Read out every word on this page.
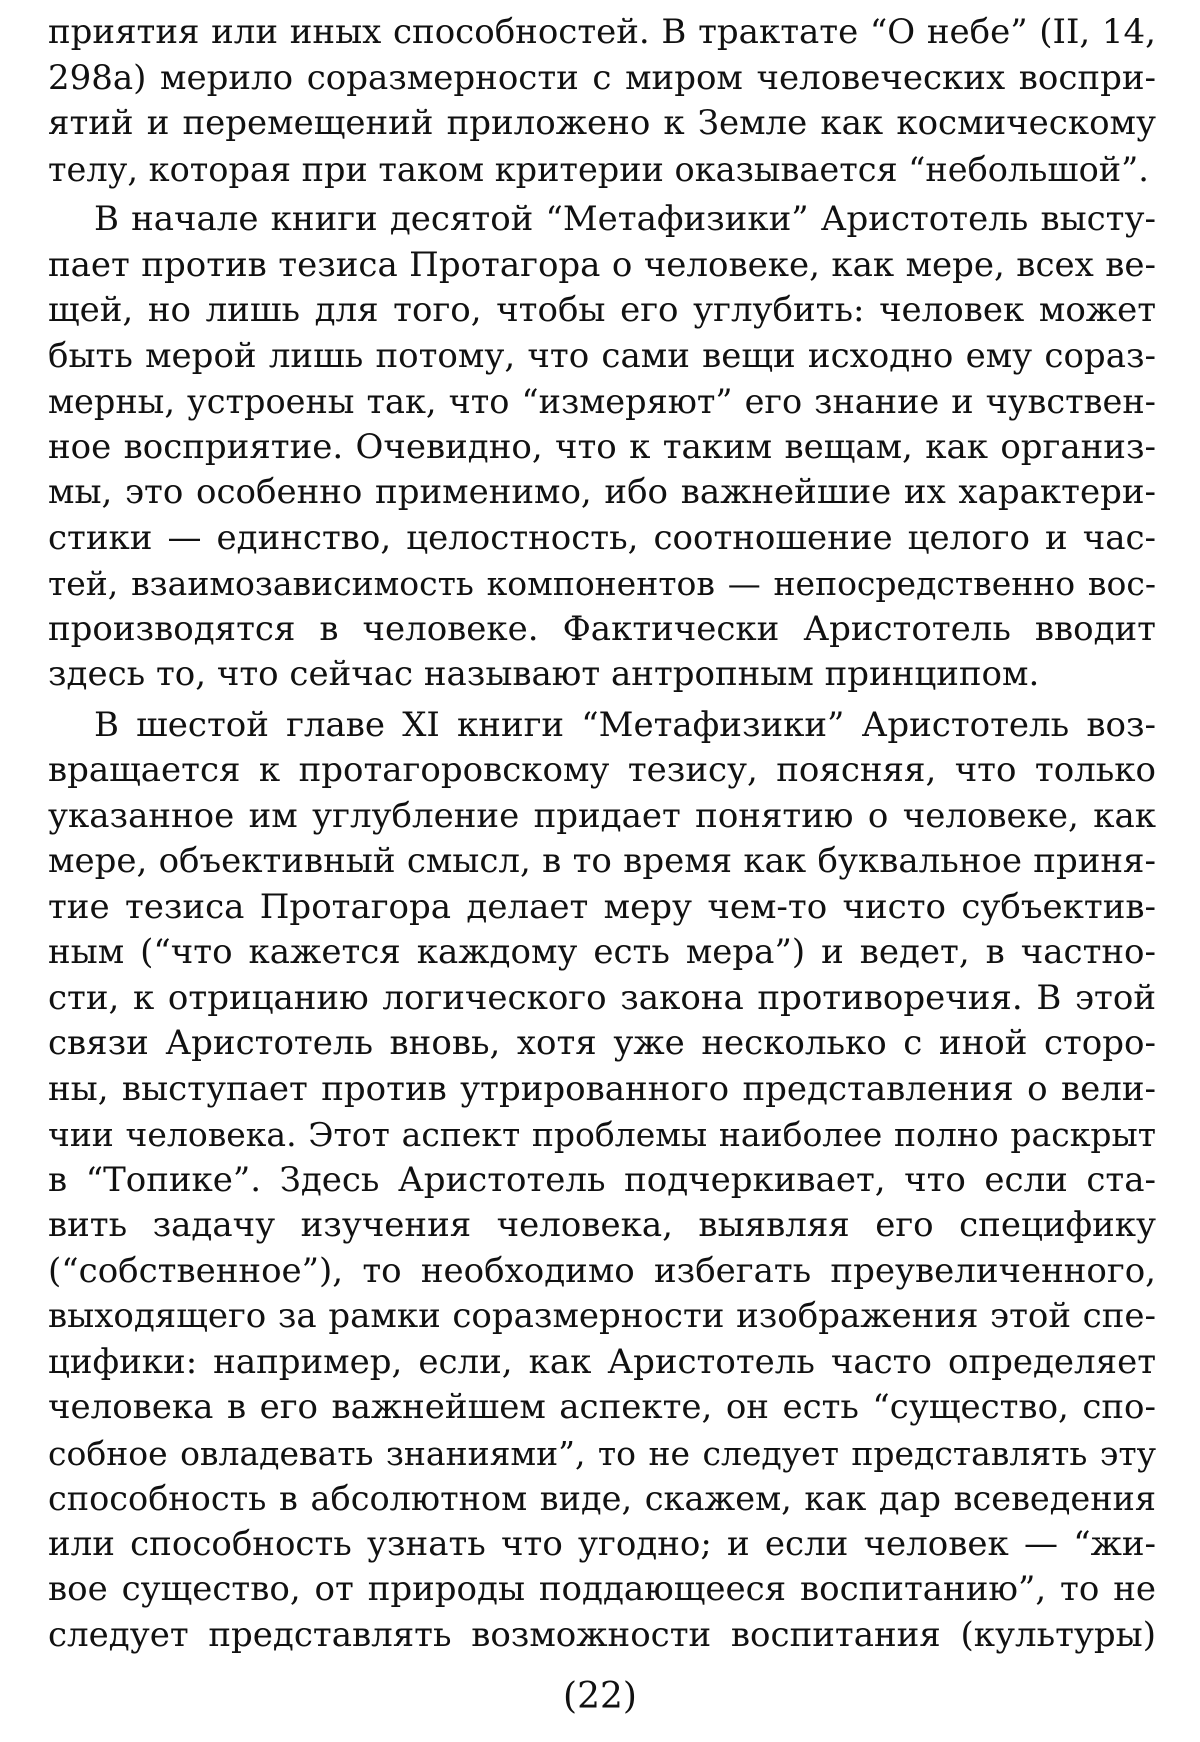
приятия или иных способностей. В трактате “О небе” (II, 14,
298а) мерило соразмерности с миром человеческих воспри-
ятий и перемещений приложено к Земле как космическому
телу, которая при таком критерии оказывается “небольшой”.
В начале книги десятой “Метафизики” Аристотель высту-
пает против тезиса Протагора о человеке, как мере, всех ве-
щей, но лишь для того, чтобы его углубить: человек может
быть мерой лишь потому, что сами вещи исходно ему сораз-
мерны, устроены так, что “измеряют” его знание и чувствен-
ное восприятие. Очевидно, что к таким вещам, как организ-
мы, это особенно применимо, ибо важнейшие их характери-
стики — единство, целостность, соотношение целого и час-
тей, взаимозависимость компонентов — непосредственно вос-
производятся в человеке. Фактически Аристотель вводит
здесь то, что сейчас называют антропным принципом.
В шестой главе XI книги “Метафизики” Аристотель воз-
вращается к протагоровскому тезису, поясняя, что только
указанное им углубление придает понятию о человеке, как
мере, объективный смысл, в то время как буквальное приня-
тие тезиса Протагора делает меру чем-то чисто субъектив-
ным (“что кажется каждому есть мера”) и ведет, в частно-
сти, к отрицанию логического закона противоречия. В этой
связи Аристотель вновь, хотя уже несколько с иной сторо-
ны, выступает против утрированного представления о вели-
чии человека. Этот аспект проблемы наиболее полно раскрыт
в “Топике”. Здесь Аристотель подчеркивает, что если ста-
вить задачу изучения человека, выявляя его специфику
(“собственное”), то необходимо избегать преувеличенного,
выходящего за рамки соразмерности изображения этой спе-
цифики: например, если, как Аристотель часто определяет
человека в его важнейшем аспекте, он есть “существо, спо-
собное овладевать знаниями”, то не следует представлять эту
способность в абсолютном виде, скажем, как дар всеведения
или способность узнать что угодно; и если человек — “жи-
вое существо, от природы поддающееся воспитанию”, то не
следует представлять возможности воспитания (культуры)
(22)
